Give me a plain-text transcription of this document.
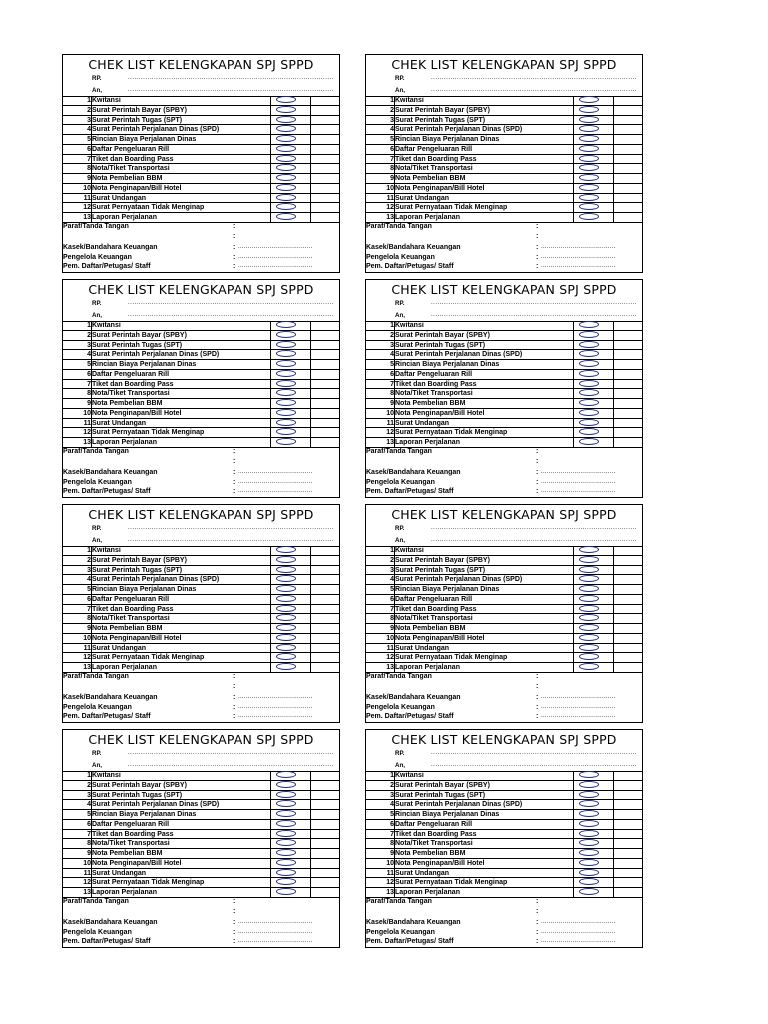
CHEK LIST KELENGKAPAN SPJ SPPD
RP.	...............................................................................................
An,	...............................................................................................
1 Kwitansi
2 Surat Perintah Bayar (SPBY)
3 Surat Perintah Tugas (SPT)
4 Surat Perintah Perjalanan Dinas (SPD)
5 Rincian Biaya Perjalanan Dinas
6 Daftar Pengeluaran Rill
7 Tiket dan Boarding Pass
8 Nota/Tiket Transportasi
9 Nota Pembelian BBM
10 Nota Penginapan/Bill Hotel
11 Surat Undangan
12 Surat Pernyataan Tidak Menginap
13 Laporan Perjalanan
Paraf/Tanda Tangan	:
:
Kasek/Bandahara Keuangan	: ......................................
Pengelola Keuangan	: ......................................
Pem. Daftar/Petugas/ Staff	: ......................................
CHEK LIST KELENGKAPAN SPJ SPPD
RP.	...............................................................................................
An,	...............................................................................................
1 Kwitansi
2 Surat Perintah Bayar (SPBY)
3 Surat Perintah Tugas (SPT)
4 Surat Perintah Perjalanan Dinas (SPD)
5 Rincian Biaya Perjalanan Dinas
6 Daftar Pengeluaran Rill
7 Tiket dan Boarding Pass
8 Nota/Tiket Transportasi
9 Nota Pembelian BBM
10 Nota Penginapan/Bill Hotel
11 Surat Undangan
12 Surat Pernyataan Tidak Menginap
13 Laporan Perjalanan
Paraf/Tanda Tangan	:
:
Kasek/Bandahara Keuangan	: ......................................
Pengelola Keuangan	: ......................................
Pem. Daftar/Petugas/ Staff	: ......................................
CHEK LIST KELENGKAPAN SPJ SPPD
RP.	...............................................................................................
An,	...............................................................................................
1 Kwitansi
2 Surat Perintah Bayar (SPBY)
3 Surat Perintah Tugas (SPT)
4 Surat Perintah Perjalanan Dinas (SPD)
5 Rincian Biaya Perjalanan Dinas
6 Daftar Pengeluaran Rill
7 Tiket dan Boarding Pass
8 Nota/Tiket Transportasi
9 Nota Pembelian BBM
10 Nota Penginapan/Bill Hotel
11 Surat Undangan
12 Surat Pernyataan Tidak Menginap
13 Laporan Perjalanan
Paraf/Tanda Tangan	:
:
Kasek/Bandahara Keuangan	: ......................................
Pengelola Keuangan	: ......................................
Pem. Daftar/Petugas/ Staff	: ......................................
CHEK LIST KELENGKAPAN SPJ SPPD
RP.	...............................................................................................
An,	...............................................................................................
1 Kwitansi
2 Surat Perintah Bayar (SPBY)
3 Surat Perintah Tugas (SPT)
4 Surat Perintah Perjalanan Dinas (SPD)
5 Rincian Biaya Perjalanan Dinas
6 Daftar Pengeluaran Rill
7 Tiket dan Boarding Pass
8 Nota/Tiket Transportasi
9 Nota Pembelian BBM
10 Nota Penginapan/Bill Hotel
11 Surat Undangan
12 Surat Pernyataan Tidak Menginap
13 Laporan Perjalanan
Paraf/Tanda Tangan	:
:
Kasek/Bandahara Keuangan	: ......................................
Pengelola Keuangan	: ......................................
Pem. Daftar/Petugas/ Staff	: ......................................
CHEK LIST KELENGKAPAN SPJ SPPD
RP.	...............................................................................................
An,	...............................................................................................
1 Kwitansi
2 Surat Perintah Bayar (SPBY)
3 Surat Perintah Tugas (SPT)
4 Surat Perintah Perjalanan Dinas (SPD)
5 Rincian Biaya Perjalanan Dinas
6 Daftar Pengeluaran Rill
7 Tiket dan Boarding Pass
8 Nota/Tiket Transportasi
9 Nota Pembelian BBM
10 Nota Penginapan/Bill Hotel
11 Surat Undangan
12 Surat Pernyataan Tidak Menginap
13 Laporan Perjalanan
Paraf/Tanda Tangan	:
:
Kasek/Bandahara Keuangan	: ......................................
Pengelola Keuangan	: ......................................
Pem. Daftar/Petugas/ Staff	: ......................................
CHEK LIST KELENGKAPAN SPJ SPPD
RP.	...............................................................................................
An,	...............................................................................................
1 Kwitansi
2 Surat Perintah Bayar (SPBY)
3 Surat Perintah Tugas (SPT)
4 Surat Perintah Perjalanan Dinas (SPD)
5 Rincian Biaya Perjalanan Dinas
6 Daftar Pengeluaran Rill
7 Tiket dan Boarding Pass
8 Nota/Tiket Transportasi
9 Nota Pembelian BBM
10 Nota Penginapan/Bill Hotel
11 Surat Undangan
12 Surat Pernyataan Tidak Menginap
13 Laporan Perjalanan
Paraf/Tanda Tangan	:
:
Kasek/Bandahara Keuangan	: ......................................
Pengelola Keuangan	: ......................................
Pem. Daftar/Petugas/ Staff	: ......................................
CHEK LIST KELENGKAPAN SPJ SPPD
RP.	...............................................................................................
An,	...............................................................................................
1 Kwitansi
2 Surat Perintah Bayar (SPBY)
3 Surat Perintah Tugas (SPT)
4 Surat Perintah Perjalanan Dinas (SPD)
5 Rincian Biaya Perjalanan Dinas
6 Daftar Pengeluaran Rill
7 Tiket dan Boarding Pass
8 Nota/Tiket Transportasi
9 Nota Pembelian BBM
10 Nota Penginapan/Bill Hotel
11 Surat Undangan
12 Surat Pernyataan Tidak Menginap
13 Laporan Perjalanan
Paraf/Tanda Tangan	:
:
Kasek/Bandahara Keuangan	: ......................................
Pengelola Keuangan	: ......................................
Pem. Daftar/Petugas/ Staff	: ......................................
CHEK LIST KELENGKAPAN SPJ SPPD
RP.	...............................................................................................
An,	...............................................................................................
1 Kwitansi
2 Surat Perintah Bayar (SPBY)
3 Surat Perintah Tugas (SPT)
4 Surat Perintah Perjalanan Dinas (SPD)
5 Rincian Biaya Perjalanan Dinas
6 Daftar Pengeluaran Rill
7 Tiket dan Boarding Pass
8 Nota/Tiket Transportasi
9 Nota Pembelian BBM
10 Nota Penginapan/Bill Hotel
11 Surat Undangan
12 Surat Pernyataan Tidak Menginap
13 Laporan Perjalanan
Paraf/Tanda Tangan	:
:
Kasek/Bandahara Keuangan	: ......................................
Pengelola Keuangan	: ......................................
Pem. Daftar/Petugas/ Staff	: ......................................
